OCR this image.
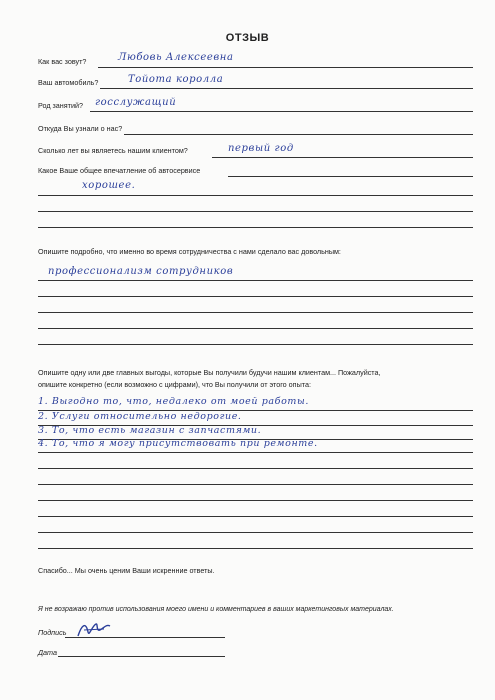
ОТЗЫВ
Как вас зовут?	Любовь Алексеевна
Ваш автомобиль?	Тойота королла
Род занятий? госслужащий
Откуда Вы узнали о нас?
Сколько лет вы являетесь нашим клиентом?	первый год
Какое Ваше общее впечатление об автосервисе
хорошее.
Опишите подробно, что именно во время сотрудничества с нами сделало вас довольным:
профессионализм сотрудников
Опишите одну или две главных выгоды, которые Вы получили будучи нашим клиентам... Пожалуйста,
опишите конкретно (если возможно с цифрами), что Вы получили от этого опыта:
1. Выгодно то, что, недалеко от моей работы.
2. Услуги относительно недорогие.
3. То, что есть магазин с запчастями.
4. То, что я могу присутствовать при ремонте.
Спасибо... Мы очень ценим Ваши искренние ответы.
Я не возражаю против использования моего имени и комментариев в ваших маркетинговых материалах.
Подпись
Дата
